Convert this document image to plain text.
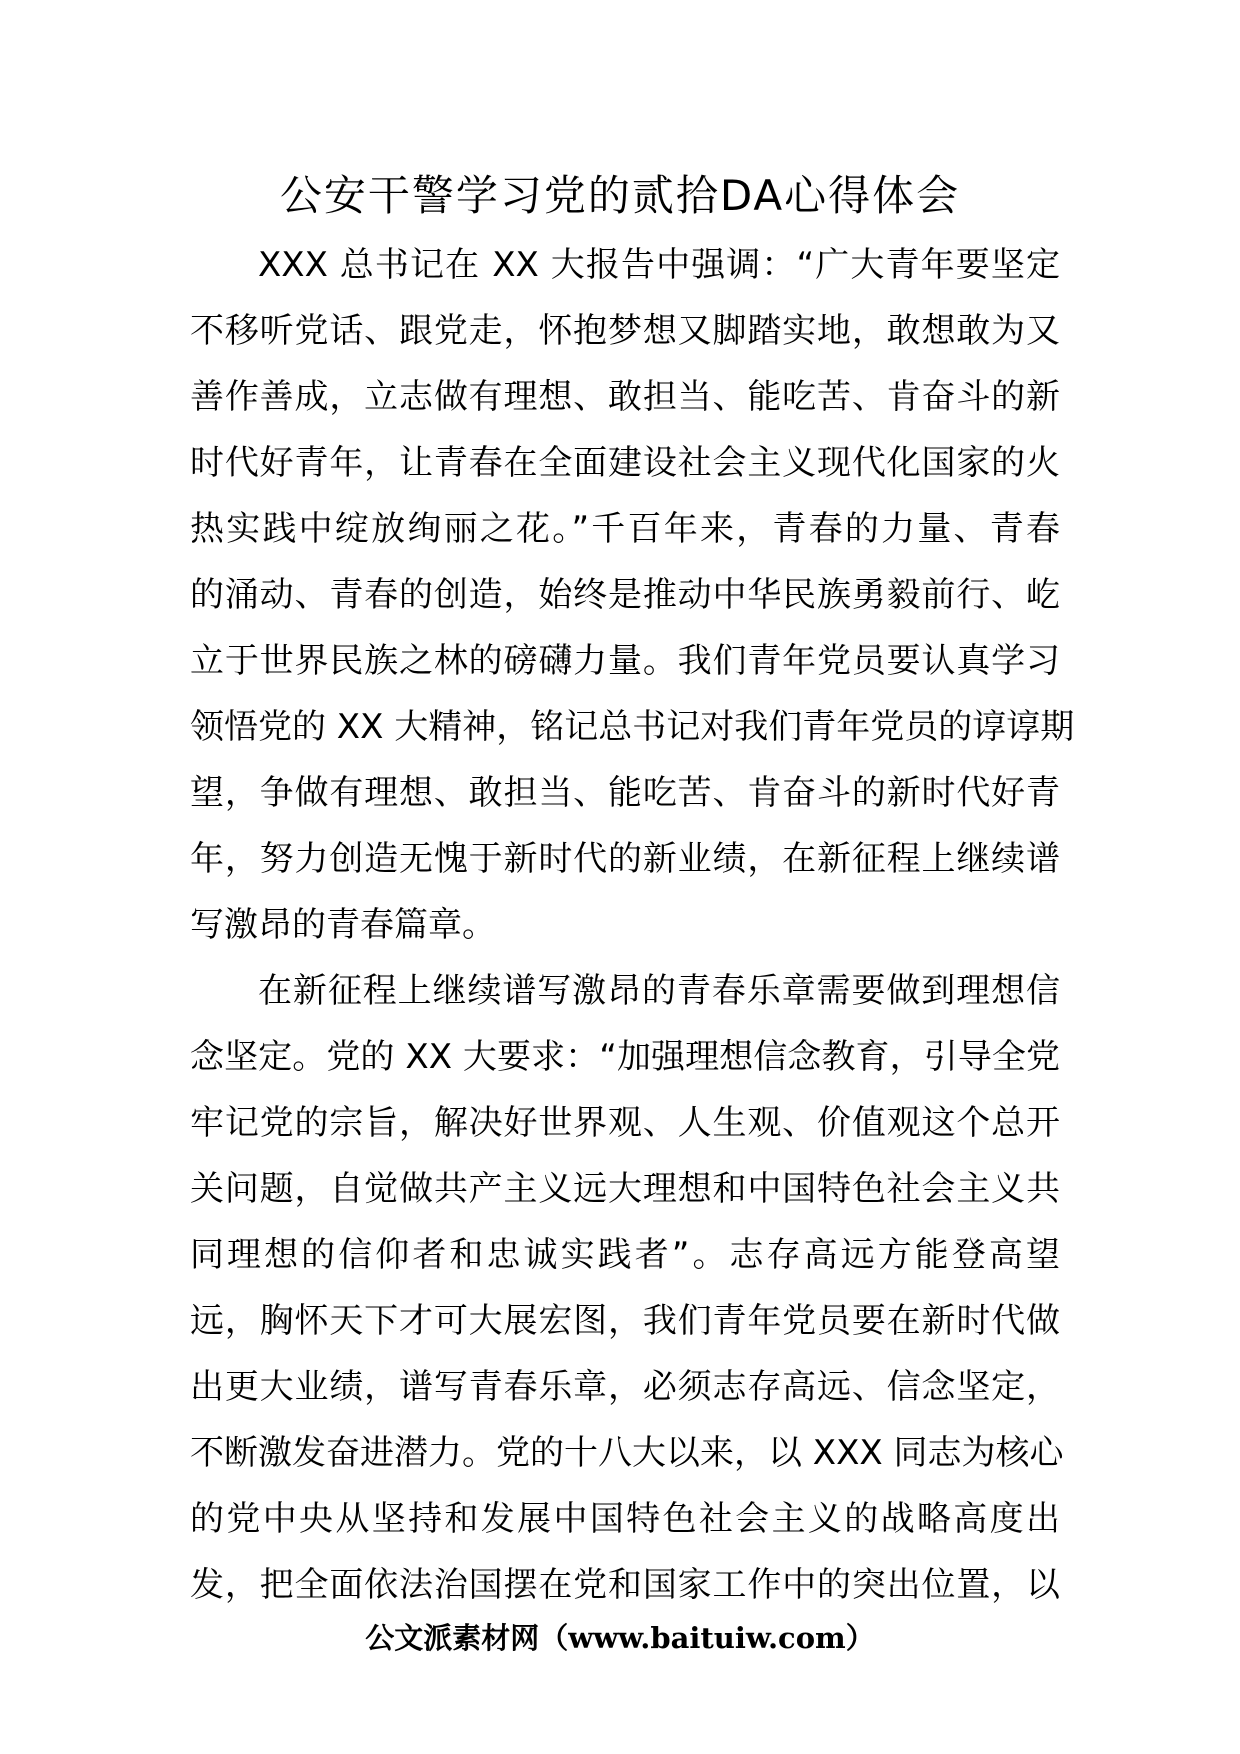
公安干警学习党的贰拾DA心得体会
XXX 总书记在 XX 大报告中强调：“广大青年要坚定
不移听党话、跟党走，怀抱梦想又脚踏实地，敢想敢为又
善作善成，立志做有理想、敢担当、能吃苦、肯奋斗的新
时代好青年，让青春在全面建设社会主义现代化国家的火
热实践中绽放绚丽之花。”千百年来，青春的力量、青春
的涌动、青春的创造，始终是推动中华民族勇毅前行、屹
立于世界民族之林的磅礴力量。我们青年党员要认真学习
领悟党的 XX 大精神，铭记总书记对我们青年党员的谆谆期
望，争做有理想、敢担当、能吃苦、肯奋斗的新时代好青
年，努力创造无愧于新时代的新业绩，在新征程上继续谱
写激昂的青春篇章。
在新征程上继续谱写激昂的青春乐章需要做到理想信
念坚定。党的 XX 大要求：“加强理想信念教育，引导全党
牢记党的宗旨，解决好世界观、人生观、价值观这个总开
关问题，自觉做共产主义远大理想和中国特色社会主义共
同理想的信仰者和忠诚实践者”。志存高远方能登高望
远，胸怀天下才可大展宏图，我们青年党员要在新时代做
出更大业绩，谱写青春乐章，必须志存高远、信念坚定，
不断激发奋进潜力。党的十八大以来，以 XXX 同志为核心
的党中央从坚持和发展中国特色社会主义的战略高度出
发，把全面依法治国摆在党和国家工作中的突出位置，以
公文派素材网（www.baituiw.com）
